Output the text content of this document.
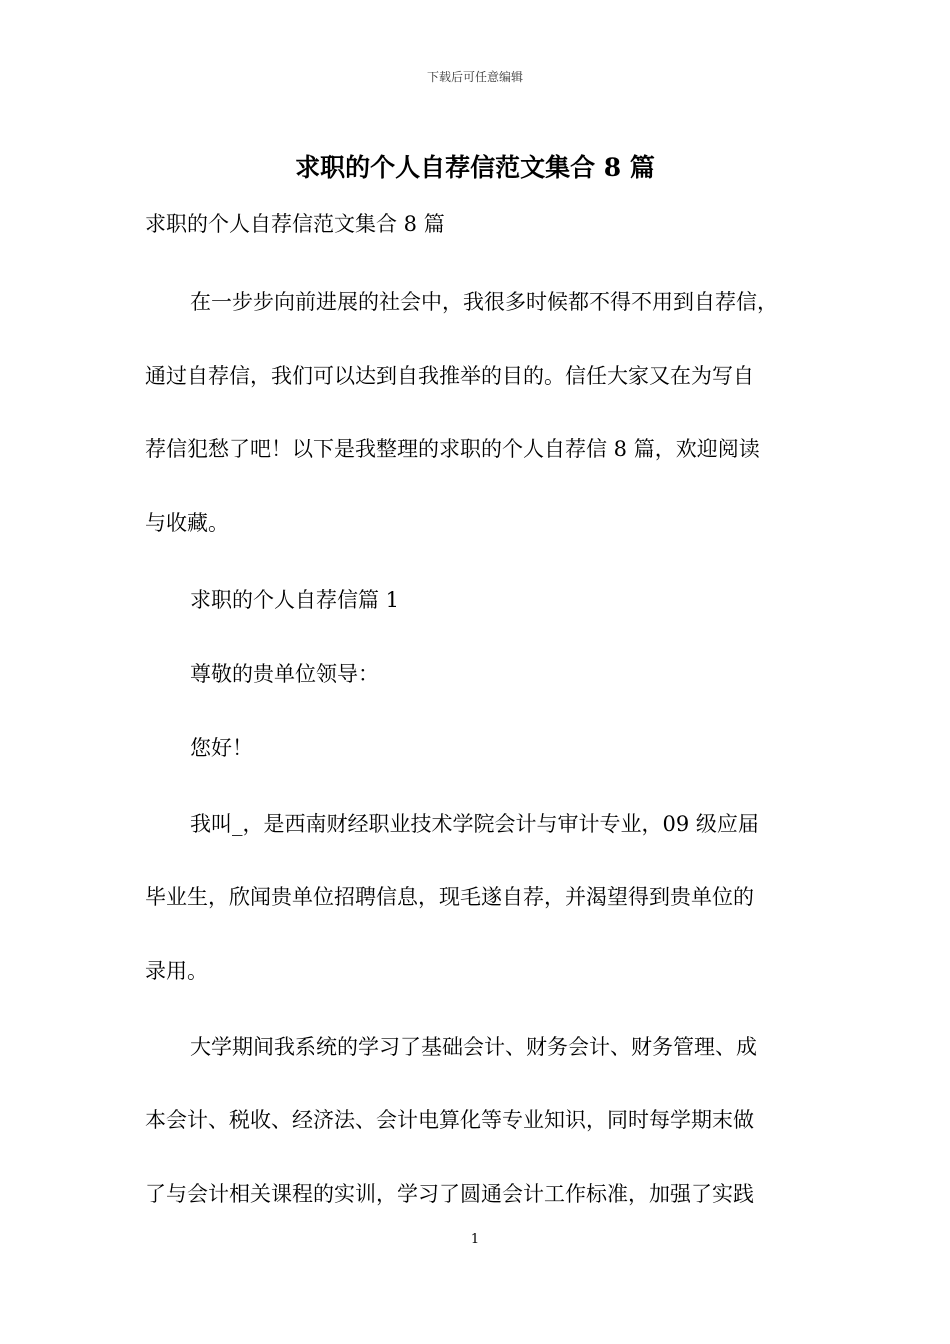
下载后可任意编辑
求职的个人自荐信范文集合 8 篇
求职的个人自荐信范文集合 8 篇
在一步步向前进展的社会中，我很多时候都不得不用到自荐信，
通过自荐信，我们可以达到自我推举的目的。信任大家又在为写自
荐信犯愁了吧！以下是我整理的求职的个人自荐信 8 篇，欢迎阅读
与收藏。
求职的个人自荐信篇 1
尊敬的贵单位领导：
您好！
我叫_，是西南财经职业技术学院会计与审计专业，09 级应届
毕业生，欣闻贵单位招聘信息，现毛遂自荐，并渴望得到贵单位的
录用。
大学期间我系统的学习了基础会计、财务会计、财务管理、成
本会计、税收、经济法、会计电算化等专业知识，同时每学期末做
了与会计相关课程的实训，学习了圆通会计工作标准，加强了实践
1
